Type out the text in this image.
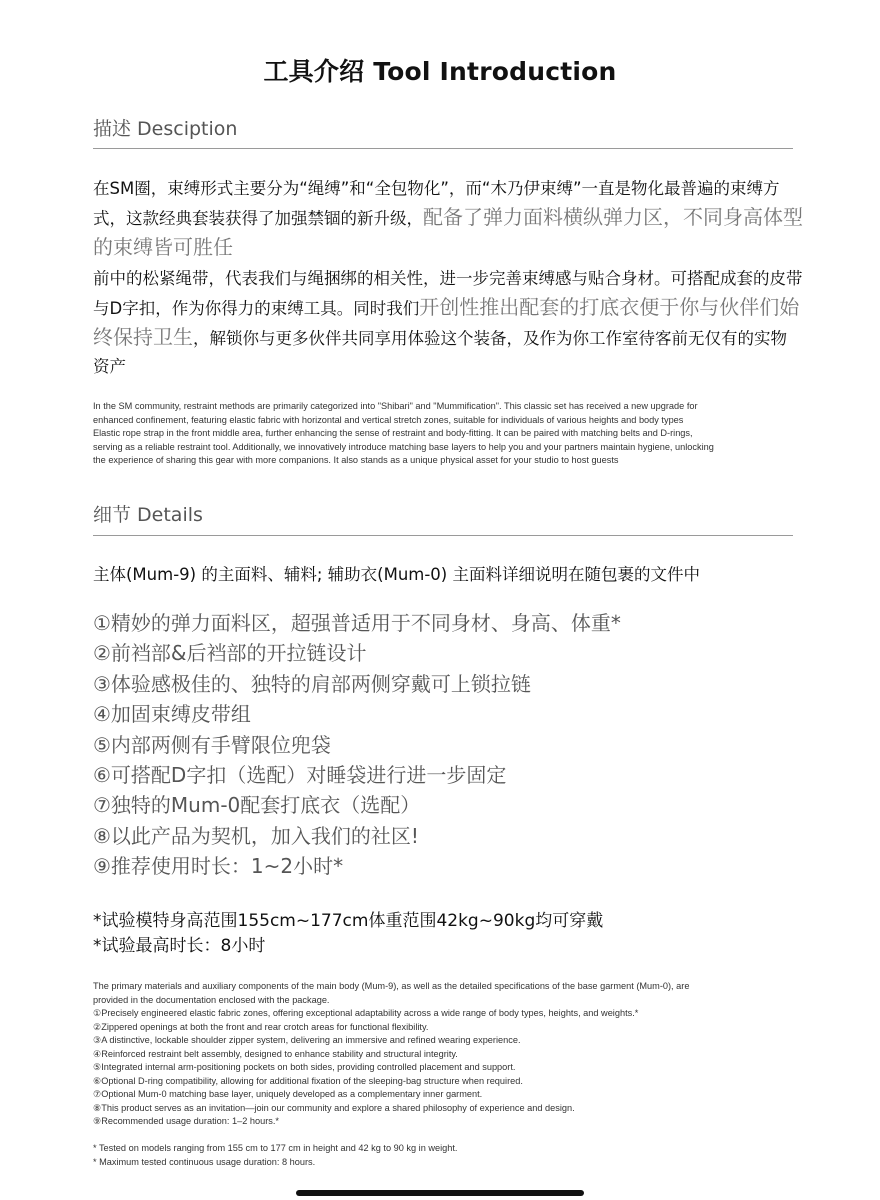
工具介绍 Tool Introduction
描述 Desciption
在SM圈，束缚形式主要分为“绳缚”和“全包物化”，而“木乃伊束缚”一直是物化最普遍的束缚方式，这款经典套装获得了加强禁锢的新升级，配备了弹力面料横纵弹力区，不同身高体型的束缚皆可胜任
前中的松紧绳带，代表我们与绳捆绑的相关性，进一步完善束缚感与贴合身材。可搭配成套的皮带与D字扣，作为你得力的束缚工具。同时我们开创性推出配套的打底衣便于你与伙伴们始终保持卫生，解锁你与更多伙伴共同享用体验这个装备，及作为你工作室待客前无仅有的实物资产
In the SM community, restraint methods are primarily categorized into "Shibari" and "Mummification". This classic set has received a new upgrade for
enhanced confinement, featuring elastic fabric with horizontal and vertical stretch zones, suitable for individuals of various heights and body types
Elastic rope strap in the front middle area, further enhancing the sense of restraint and body-fitting. It can be paired with matching belts and D-rings,
serving as a reliable restraint tool. Additionally, we innovatively introduce matching base layers to help you and your partners maintain hygiene, unlocking
the experience of sharing this gear with more companions. It also stands as a unique physical asset for your studio to host guests
细节 Details
主体(Mum-9) 的主面料、辅料; 辅助衣(Mum-0) 主面料详细说明在随包裹的文件中
①精妙的弹力面料区，超强普适用于不同身材、身高、体重*
②前裆部&后裆部的开拉链设计
③体验感极佳的、独特的肩部两侧穿戴可上锁拉链
④加固束缚皮带组
⑤内部两侧有手臂限位兜袋
⑥可搭配D字扣（选配）对睡袋进行进一步固定
⑦独特的Mum-0配套打底衣（选配）
⑧以此产品为契机，加入我们的社区!
⑨推荐使用时长：1~2小时*
*试验模特身高范围155cm~177cm体重范围42kg~90kg均可穿戴
*试验最高时长：8小时
The primary materials and auxiliary components of the main body (Mum-9), as well as the detailed specifications of the base garment (Mum-0), are
provided in the documentation enclosed with the package.
①Precisely engineered elastic fabric zones, offering exceptional adaptability across a wide range of body types, heights, and weights.*
②Zippered openings at both the front and rear crotch areas for functional flexibility.
③A distinctive, lockable shoulder zipper system, delivering an immersive and refined wearing experience.
④Reinforced restraint belt assembly, designed to enhance stability and structural integrity.
⑤Integrated internal arm-positioning pockets on both sides, providing controlled placement and support.
⑥Optional D-ring compatibility, allowing for additional fixation of the sleeping-bag structure when required.
⑦Optional Mum-0 matching base layer, uniquely developed as a complementary inner garment.
⑧This product serves as an invitation—join our community and explore a shared philosophy of experience and design.
⑨Recommended usage duration: 1–2 hours.*
* Tested on models ranging from 155 cm to 177 cm in height and 42 kg to 90 kg in weight.
* Maximum tested continuous usage duration: 8 hours.
